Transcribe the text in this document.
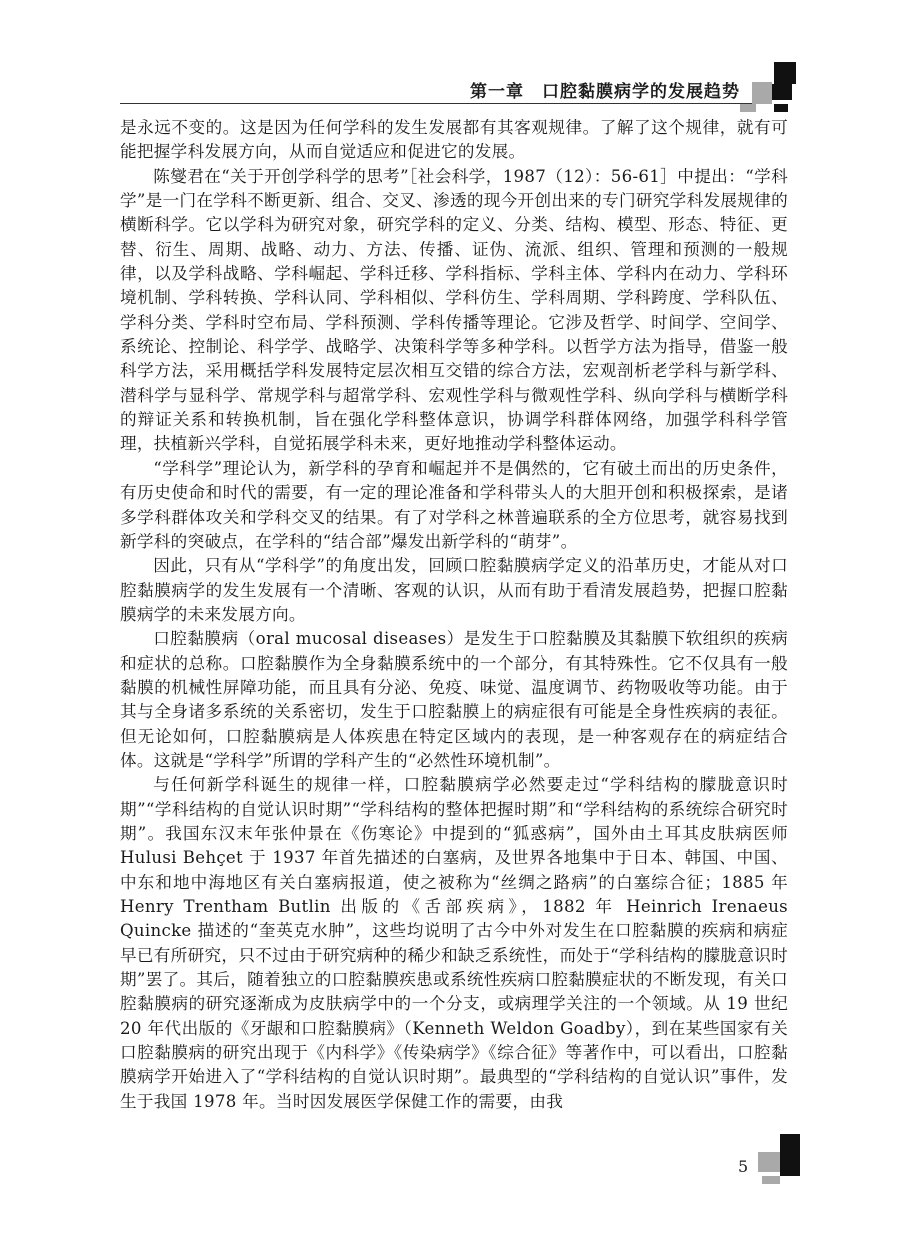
第一章　口腔黏膜病学的发展趋势

是永远不变的。这是因为任何学科的发生发展都有其客观规律。了解了这个规律，就有可能把握学科发展方向，从而自觉适应和促进它的发展。

陈燮君在“关于开创学科学的思考”［社会科学，1987（12）：56-61］中提出：“学科学”是一门在学科不断更新、组合、交叉、渗透的现今开创出来的专门研究学科发展规律的横断科学。它以学科为研究对象，研究学科的定义、分类、结构、模型、形态、特征、更替、衍生、周期、战略、动力、方法、传播、证伪、流派、组织、管理和预测的一般规律，以及学科战略、学科崛起、学科迁移、学科指标、学科主体、学科内在动力、学科环境机制、学科转换、学科认同、学科相似、学科仿生、学科周期、学科跨度、学科队伍、学科分类、学科时空布局、学科预测、学科传播等理论。它涉及哲学、时间学、空间学、系统论、控制论、科学学、战略学、决策科学等多种学科。以哲学方法为指导，借鉴一般科学方法，采用概括学科发展特定层次相互交错的综合方法，宏观剖析老学科与新学科、潜科学与显科学、常规学科与超常学科、宏观性学科与微观性学科、纵向学科与横断学科的辩证关系和转换机制，旨在强化学科整体意识，协调学科群体网络，加强学科科学管理，扶植新兴学科，自觉拓展学科未来，更好地推动学科整体运动。

“学科学”理论认为，新学科的孕育和崛起并不是偶然的，它有破土而出的历史条件，有历史使命和时代的需要，有一定的理论准备和学科带头人的大胆开创和积极探索，是诸多学科群体攻关和学科交叉的结果。有了对学科之林普遍联系的全方位思考，就容易找到新学科的突破点，在学科的“结合部”爆发出新学科的“萌芽”。

因此，只有从“学科学”的角度出发，回顾口腔黏膜病学定义的沿革历史，才能从对口腔黏膜病学的发生发展有一个清晰、客观的认识，从而有助于看清发展趋势，把握口腔黏膜病学的未来发展方向。

口腔黏膜病（oral mucosal diseases）是发生于口腔黏膜及其黏膜下软组织的疾病和症状的总称。口腔黏膜作为全身黏膜系统中的一个部分，有其特殊性。它不仅具有一般黏膜的机械性屏障功能，而且具有分泌、免疫、味觉、温度调节、药物吸收等功能。由于其与全身诸多系统的关系密切，发生于口腔黏膜上的病症很有可能是全身性疾病的表征。但无论如何，口腔黏膜病是人体疾患在特定区域内的表现，是一种客观存在的病症结合体。这就是“学科学”所谓的学科产生的“必然性环境机制”。

与任何新学科诞生的规律一样，口腔黏膜病学必然要走过“学科结构的朦胧意识时期”“学科结构的自觉认识时期”“学科结构的整体把握时期”和“学科结构的系统综合研究时期”。我国东汉末年张仲景在《伤寒论》中提到的“狐惑病”，国外由土耳其皮肤病医师 Hulusi Behçet 于 1937 年首先描述的白塞病，及世界各地集中于日本、韩国、中国、中东和地中海地区有关白塞病报道，使之被称为“丝绸之路病”的白塞综合征；1885 年 Henry Trentham Butlin 出版的《舌部疾病》，1882 年 Heinrich Irenaeus Quincke 描述的“奎英克水肿”，这些均说明了古今中外对发生在口腔黏膜的疾病和病症早已有所研究，只不过由于研究病种的稀少和缺乏系统性，而处于“学科结构的朦胧意识时期”罢了。其后，随着独立的口腔黏膜疾患或系统性疾病口腔黏膜症状的不断发现，有关口腔黏膜病的研究逐渐成为皮肤病学中的一个分支，或病理学关注的一个领域。从 19 世纪 20 年代出版的《牙龈和口腔黏膜病》（Kenneth Weldon Goadby），到在某些国家有关口腔黏膜病的研究出现于《内科学》《传染病学》《综合征》等著作中，可以看出，口腔黏膜病学开始进入了“学科结构的自觉认识时期”。最典型的“学科结构的自觉认识”事件，发生于我国 1978 年。当时因发展医学保健工作的需要，由我

5
